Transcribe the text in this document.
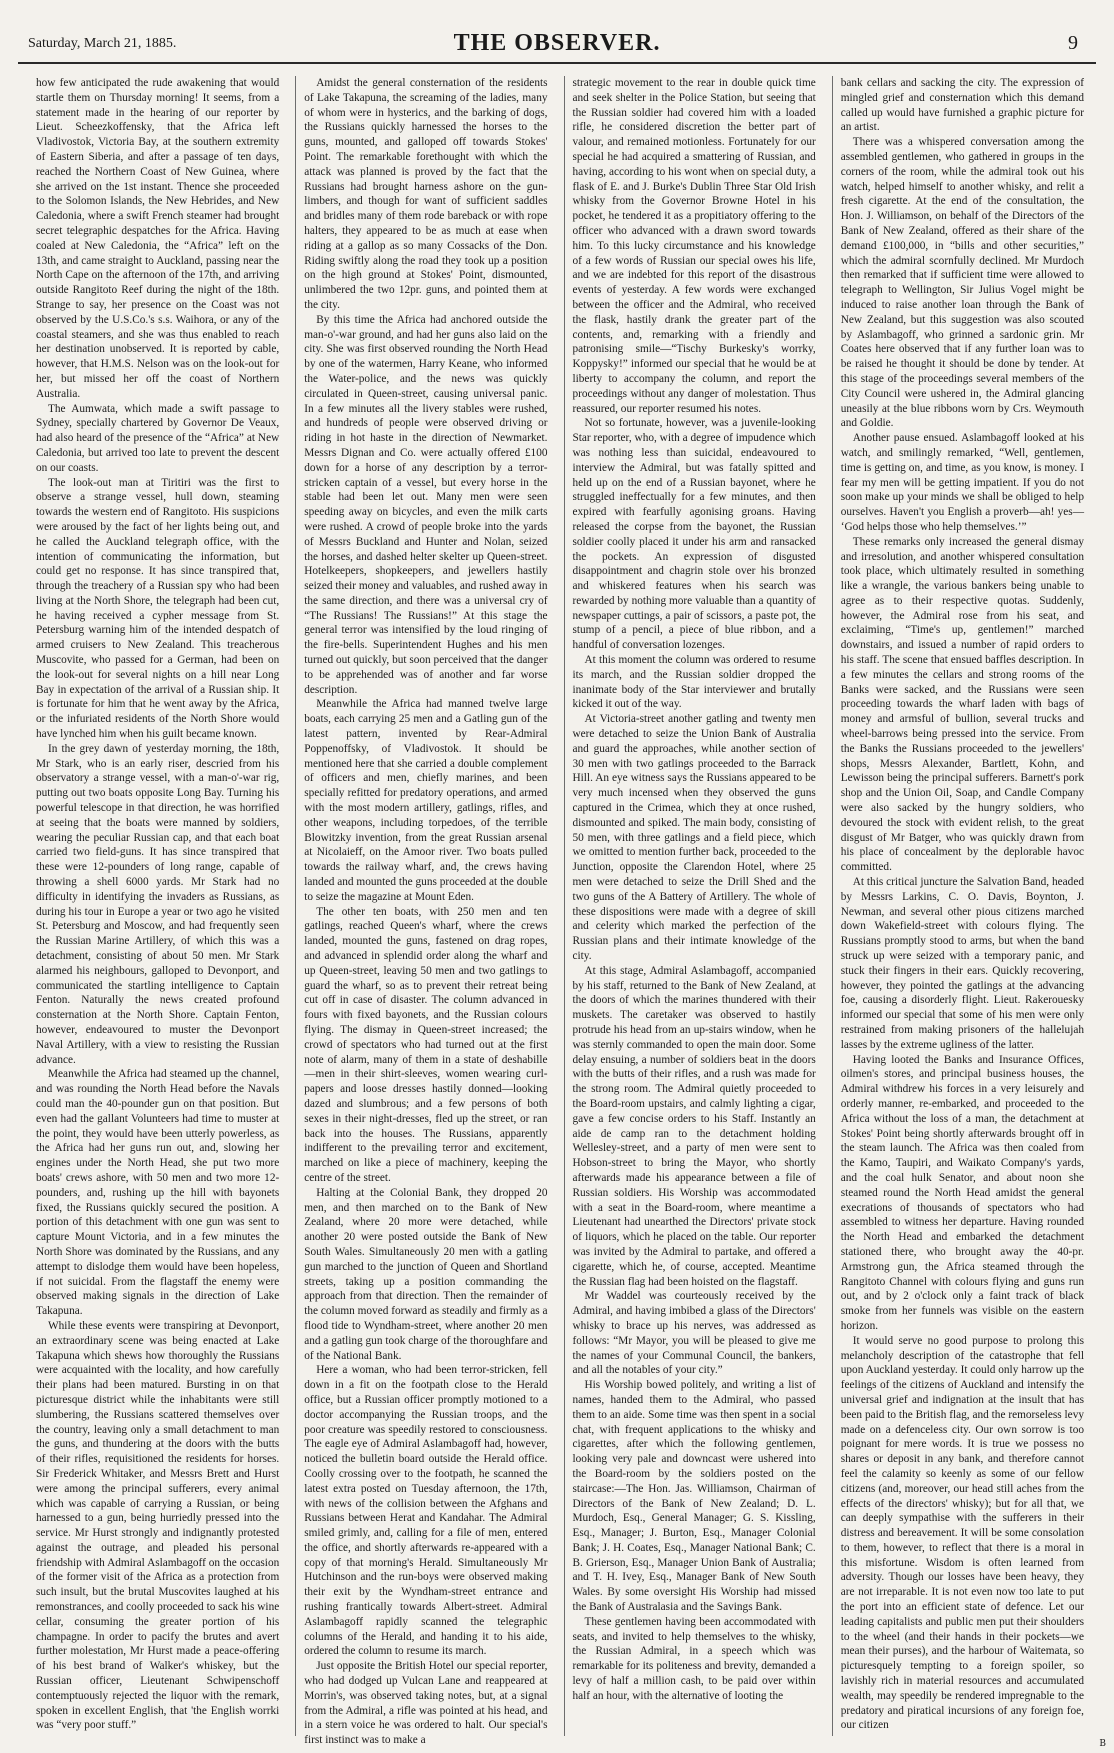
Saturday, March 21, 1885.	THE OBSERVER.	9

how few anticipated the rude awakening that would startle them on Thursday morning! It seems, from a statement made in the hearing of our reporter by Lieut. Scheezkoffensky, that the Africa left Vladivostok, Victoria Bay, at the southern extremity of Eastern Siberia, and after a passage of ten days, reached the Northern Coast of New Guinea, where she arrived on the 1st instant. Thence she proceeded to the Solomon Islands, the New Hebrides, and New Caledonia, where a swift French steamer had brought secret telegraphic despatches for the Africa. Having coaled at New Caledonia, the “Africa” left on the 13th, and came straight to Auckland, passing near the North Cape on the afternoon of the 17th, and arriving outside Rangitoto Reef during the night of the 18th. Strange to say, her presence on the Coast was not observed by the U.S.Co.'s s.s. Waihora, or any of the coastal steamers, and she was thus enabled to reach her destination unobserved. It is reported by cable, however, that H.M.S. Nelson was on the look-out for her, but missed her off the coast of Northern Australia.

The Aumwata, which made a swift passage to Sydney, specially chartered by Governor De Veaux, had also heard of the presence of the “Africa” at New Caledonia, but arrived too late to prevent the descent on our coasts.

The look-out man at Tiritiri was the first to observe a strange vessel, hull down, steaming towards the western end of Rangitoto. His suspicions were aroused by the fact of her lights being out, and he called the Auckland telegraph office, with the intention of communicating the information, but could get no response. It has since transpired that, through the treachery of a Russian spy who had been living at the North Shore, the telegraph had been cut, he having received a cypher message from St. Petersburg warning him of the intended despatch of armed cruisers to New Zealand. This treacherous Muscovite, who passed for a German, had been on the look-out for several nights on a hill near Long Bay in expectation of the arrival of a Russian ship. It is fortunate for him that he went away by the Africa, or the infuriated residents of the North Shore would have lynched him when his guilt became known.

In the grey dawn of yesterday morning, the 18th, Mr Stark, who is an early riser, descried from his observatory a strange vessel, with a man-o'-war rig, putting out two boats opposite Long Bay. Turning his powerful telescope in that direction, he was horrified at seeing that the boats were manned by soldiers, wearing the peculiar Russian cap, and that each boat carried two field-guns. It has since transpired that these were 12-pounders of long range, capable of throwing a shell 6000 yards. Mr Stark had no difficulty in identifying the invaders as Russians, as during his tour in Europe a year or two ago he visited St. Petersburg and Moscow, and had frequently seen the Russian Marine Artillery, of which this was a detachment, consisting of about 50 men. Mr Stark alarmed his neighbours, galloped to Devonport, and communicated the startling intelligence to Captain Fenton. Naturally the news created profound consternation at the North Shore. Captain Fenton, however, endeavoured to muster the Devonport Naval Artillery, with a view to resisting the Russian advance.

Meanwhile the Africa had steamed up the channel, and was rounding the North Head before the Navals could man the 40-pounder gun on that position. But even had the gallant Volunteers had time to muster at the point, they would have been utterly powerless, as the Africa had her guns run out, and, slowing her engines under the North Head, she put two more boats' crews ashore, with 50 men and two more 12-pounders, and, rushing up the hill with bayonets fixed, the Russians quickly secured the position. A portion of this detachment with one gun was sent to capture Mount Victoria, and in a few minutes the North Shore was dominated by the Russians, and any attempt to dislodge them would have been hopeless, if not suicidal. From the flagstaff the enemy were observed making signals in the direction of Lake Takapuna.

While these events were transpiring at Devonport, an extraordinary scene was being enacted at Lake Takapuna which shews how thoroughly the Russians were acquainted with the locality, and how carefully their plans had been matured. Bursting in on that picturesque district while the inhabitants were still slumbering, the Russians scattered themselves over the country, leaving only a small detachment to man the guns, and thundering at the doors with the butts of their rifles, requisitioned the residents for horses. Sir Frederick Whitaker, and Messrs Brett and Hurst were among the principal sufferers, every animal which was capable of carrying a Russian, or being harnessed to a gun, being hurriedly pressed into the service. Mr Hurst strongly and indignantly protested against the outrage, and pleaded his personal friendship with Admiral Aslambagoff on the occasion of the former visit of the Africa as a protection from such insult, but the brutal Muscovites laughed at his remonstrances, and coolly proceeded to sack his wine cellar, consuming the greater portion of his champagne. In order to pacify the brutes and avert further molestation, Mr Hurst made a peace-offering of his best brand of Walker's whiskey, but the Russian officer, Lieutenant Schwipenschoff contemptuously rejected the liquor with the remark, spoken in excellent English, that 'the English worrki was “very poor stuff.”

Amidst the general consternation of the residents of Lake Takapuna, the screaming of the ladies, many of whom were in hysterics, and the barking of dogs, the Russians quickly harnessed the horses to the guns, mounted, and galloped off towards Stokes' Point. The remarkable forethought with which the attack was planned is proved by the fact that the Russians had brought harness ashore on the gun-limbers, and though for want of sufficient saddles and bridles many of them rode bareback or with rope halters, they appeared to be as much at ease when riding at a gallop as so many Cossacks of the Don. Riding swiftly along the road they took up a position on the high ground at Stokes' Point, dismounted, unlimbered the two 12pr. guns, and pointed them at the city.

By this time the Africa had anchored outside the man-o'-war ground, and had her guns also laid on the city. She was first observed rounding the North Head by one of the watermen, Harry Keane, who informed the Water-police, and the news was quickly circulated in Queen-street, causing universal panic. In a few minutes all the livery stables were rushed, and hundreds of people were observed driving or riding in hot haste in the direction of Newmarket. Messrs Dignan and Co. were actually offered £100 down for a horse of any description by a terror-stricken captain of a vessel, but every horse in the stable had been let out. Many men were seen speeding away on bicycles, and even the milk carts were rushed. A crowd of people broke into the yards of Messrs Buckland and Hunter and Nolan, seized the horses, and dashed helter skelter up Queen-street. Hotelkeepers, shopkeepers, and jewellers hastily seized their money and valuables, and rushed away in the same direction, and there was a universal cry of “The Russians! The Russians!” At this stage the general terror was intensified by the loud ringing of the fire-bells. Superintendent Hughes and his men turned out quickly, but soon perceived that the danger to be apprehended was of another and far worse description.

Meanwhile the Africa had manned twelve large boats, each carrying 25 men and a Gatling gun of the latest pattern, invented by Rear-Admiral Poppenoffsky, of Vladivostok. It should be mentioned here that she carried a double complement of officers and men, chiefly marines, and been specially refitted for predatory operations, and armed with the most modern artillery, gatlings, rifles, and other weapons, including torpedoes, of the terrible Blowitzky invention, from the great Russian arsenal at Nicolaieff, on the Amoor river. Two boats pulled towards the railway wharf, and, the crews having landed and mounted the guns proceeded at the double to seize the magazine at Mount Eden.

The other ten boats, with 250 men and ten gatlings, reached Queen's wharf, where the crews landed, mounted the guns, fastened on drag ropes, and advanced in splendid order along the wharf and up Queen-street, leaving 50 men and two gatlings to guard the wharf, so as to prevent their retreat being cut off in case of disaster. The column advanced in fours with fixed bayonets, and the Russian colours flying. The dismay in Queen-street increased; the crowd of spectators who had turned out at the first note of alarm, many of them in a state of deshabille—men in their shirt-sleeves, women wearing curl-papers and loose dresses hastily donned—looking dazed and slumbrous; and a few persons of both sexes in their night-dresses, fled up the street, or ran back into the houses. The Russians, apparently indifferent to the prevailing terror and excitement, marched on like a piece of machinery, keeping the centre of the street.

Halting at the Colonial Bank, they dropped 20 men, and then marched on to the Bank of New Zealand, where 20 more were detached, while another 20 were posted outside the Bank of New South Wales. Simultaneously 20 men with a gatling gun marched to the junction of Queen and Shortland streets, taking up a position commanding the approach from that direction. Then the remainder of the column moved forward as steadily and firmly as a flood tide to Wyndham-street, where another 20 men and a gatling gun took charge of the thoroughfare and of the National Bank.

Here a woman, who had been terror-stricken, fell down in a fit on the footpath close to the Herald office, but a Russian officer promptly motioned to a doctor accompanying the Russian troops, and the poor creature was speedily restored to consciousness. The eagle eye of Admiral Aslambagoff had, however, noticed the bulletin board outside the Herald office. Coolly crossing over to the footpath, he scanned the latest extra posted on Tuesday afternoon, the 17th, with news of the collision between the Afghans and Russians between Herat and Kandahar. The Admiral smiled grimly, and, calling for a file of men, entered the office, and shortly afterwards re-appeared with a copy of that morning's Herald. Simultaneously Mr Hutchinson and the run-boys were observed making their exit by the Wyndham-street entrance and rushing frantically towards Albert-street. Admiral Aslambagoff rapidly scanned the telegraphic columns of the Herald, and handing it to his aide, ordered the column to resume its march.

Just opposite the British Hotel our special reporter, who had dodged up Vulcan Lane and reappeared at Morrin's, was observed taking notes, but, at a signal from the Admiral, a rifle was pointed at his head, and in a stern voice he was ordered to halt. Our special's first instinct was to make a

strategic movement to the rear in double quick time and seek shelter in the Police Station, but seeing that the Russian soldier had covered him with a loaded rifle, he considered discretion the better part of valour, and remained motionless. Fortunately for our special he had acquired a smattering of Russian, and having, according to his wont when on special duty, a flask of E. and J. Burke's Dublin Three Star Old Irish whisky from the Governor Browne Hotel in his pocket, he tendered it as a propitiatory offering to the officer who advanced with a drawn sword towards him. To this lucky circumstance and his knowledge of a few words of Russian our special owes his life, and we are indebted for this report of the disastrous events of yesterday. A few words were exchanged between the officer and the Admiral, who received the flask, hastily drank the greater part of the contents, and, remarking with a friendly and patronising smile—“Tischy Burkesky's worrky, Koppysky!” informed our special that he would be at liberty to accompany the column, and report the proceedings without any danger of molestation. Thus reassured, our reporter resumed his notes.

Not so fortunate, however, was a juvenile-looking Star reporter, who, with a degree of impudence which was nothing less than suicidal, endeavoured to interview the Admiral, but was fatally spitted and held up on the end of a Russian bayonet, where he struggled ineffectually for a few minutes, and then expired with fearfully agonising groans. Having released the corpse from the bayonet, the Russian soldier coolly placed it under his arm and ransacked the pockets. An expression of disgusted disappointment and chagrin stole over his bronzed and whiskered features when his search was rewarded by nothing more valuable than a quantity of newspaper cuttings, a pair of scissors, a paste pot, the stump of a pencil, a piece of blue ribbon, and a handful of conversation lozenges.

At this moment the column was ordered to resume its march, and the Russian soldier dropped the inanimate body of the Star interviewer and brutally kicked it out of the way.

At Victoria-street another gatling and twenty men were detached to seize the Union Bank of Australia and guard the approaches, while another section of 30 men with two gatlings proceeded to the Barrack Hill. An eye witness says the Russians appeared to be very much incensed when they observed the guns captured in the Crimea, which they at once rushed, dismounted and spiked. The main body, consisting of 50 men, with three gatlings and a field piece, which we omitted to mention further back, proceeded to the Junction, opposite the Clarendon Hotel, where 25 men were detached to seize the Drill Shed and the two guns of the A Battery of Artillery. The whole of these dispositions were made with a degree of skill and celerity which marked the perfection of the Russian plans and their intimate knowledge of the city.

At this stage, Admiral Aslambagoff, accompanied by his staff, returned to the Bank of New Zealand, at the doors of which the marines thundered with their muskets. The caretaker was observed to hastily protrude his head from an up-stairs window, when he was sternly commanded to open the main door. Some delay ensuing, a number of soldiers beat in the doors with the butts of their rifles, and a rush was made for the strong room. The Admiral quietly proceeded to the Board-room upstairs, and calmly lighting a cigar, gave a few concise orders to his Staff. Instantly an aide de camp ran to the detachment holding Wellesley-street, and a party of men were sent to Hobson-street to bring the Mayor, who shortly afterwards made his appearance between a file of Russian soldiers. His Worship was accommodated with a seat in the Board-room, where meantime a Lieutenant had unearthed the Directors' private stock of liquors, which he placed on the table. Our reporter was invited by the Admiral to partake, and offered a cigarette, which he, of course, accepted. Meantime the Russian flag had been hoisted on the flagstaff.

Mr Waddel was courteously received by the Admiral, and having imbibed a glass of the Directors' whisky to brace up his nerves, was addressed as follows: “Mr Mayor, you will be pleased to give me the names of your Communal Council, the bankers, and all the notables of your city.”

His Worship bowed politely, and writing a list of names, handed them to the Admiral, who passed them to an aide. Some time was then spent in a social chat, with frequent applications to the whisky and cigarettes, after which the following gentlemen, looking very pale and downcast were ushered into the Board-room by the soldiers posted on the staircase:—The Hon. Jas. Williamson, Chairman of Directors of the Bank of New Zealand; D. L. Murdoch, Esq., General Manager; G. S. Kissling, Esq., Manager; J. Burton, Esq., Manager Colonial Bank; J. H. Coates, Esq., Manager National Bank; C. B. Grierson, Esq., Manager Union Bank of Australia; and T. H. Ivey, Esq., Manager Bank of New South Wales. By some oversight His Worship had missed the Bank of Australasia and the Savings Bank.

These gentlemen having been accommodated with seats, and invited to help themselves to the whisky, the Russian Admiral, in a speech which was remarkable for its politeness and brevity, demanded a levy of half a million cash, to be paid over within half an hour, with the alternative of looting the

bank cellars and sacking the city. The expression of mingled grief and consternation which this demand called up would have furnished a graphic picture for an artist.

There was a whispered conversation among the assembled gentlemen, who gathered in groups in the corners of the room, while the admiral took out his watch, helped himself to another whisky, and relit a fresh cigarette. At the end of the consultation, the Hon. J. Williamson, on behalf of the Directors of the Bank of New Zealand, offered as their share of the demand £100,000, in “bills and other securities,” which the admiral scornfully declined. Mr Murdoch then remarked that if sufficient time were allowed to telegraph to Wellington, Sir Julius Vogel might be induced to raise another loan through the Bank of New Zealand, but this suggestion was also scouted by Aslambagoff, who grinned a sardonic grin. Mr Coates here observed that if any further loan was to be raised he thought it should be done by tender. At this stage of the proceedings several members of the City Council were ushered in, the Admiral glancing uneasily at the blue ribbons worn by Crs. Weymouth and Goldie.

Another pause ensued. Aslambagoff looked at his watch, and smilingly remarked, “Well, gentlemen, time is getting on, and time, as you know, is money. I fear my men will be getting impatient. If you do not soon make up your minds we shall be obliged to help ourselves. Haven't you English a proverb—ah! yes— ‘God helps those who help themselves.’”

These remarks only increased the general dismay and irresolution, and another whispered consultation took place, which ultimately resulted in something like a wrangle, the various bankers being unable to agree as to their respective quotas. Suddenly, however, the Admiral rose from his seat, and exclaiming, “Time's up, gentlemen!” marched downstairs, and issued a number of rapid orders to his staff. The scene that ensued baffles description. In a few minutes the cellars and strong rooms of the Banks were sacked, and the Russians were seen proceeding towards the wharf laden with bags of money and armsful of bullion, several trucks and wheel-barrows being pressed into the service. From the Banks the Russians proceeded to the jewellers' shops, Messrs Alexander, Bartlett, Kohn, and Lewisson being the principal sufferers. Barnett's pork shop and the Union Oil, Soap, and Candle Company were also sacked by the hungry soldiers, who devoured the stock with evident relish, to the great disgust of Mr Batger, who was quickly drawn from his place of concealment by the deplorable havoc committed.

At this critical juncture the Salvation Band, headed by Messrs Larkins, C. O. Davis, Boynton, J. Newman, and several other pious citizens marched down Wakefield-street with colours flying. The Russians promptly stood to arms, but when the band struck up were seized with a temporary panic, and stuck their fingers in their ears. Quickly recovering, however, they pointed the gatlings at the advancing foe, causing a disorderly flight. Lieut. Rakerouesky informed our special that some of his men were only restrained from making prisoners of the hallelujah lasses by the extreme ugliness of the latter.

Having looted the Banks and Insurance Offices, oilmen's stores, and principal business houses, the Admiral withdrew his forces in a very leisurely and orderly manner, re-embarked, and proceeded to the Africa without the loss of a man, the detachment at Stokes' Point being shortly afterwards brought off in the steam launch. The Africa was then coaled from the Kamo, Taupiri, and Waikato Company's yards, and the coal hulk Senator, and about noon she steamed round the North Head amidst the general execrations of thousands of spectators who had assembled to witness her departure. Having rounded the North Head and embarked the detachment stationed there, who brought away the 40-pr. Armstrong gun, the Africa steamed through the Rangitoto Channel with colours flying and guns run out, and by 2 o'clock only a faint track of black smoke from her funnels was visible on the eastern horizon.

It would serve no good purpose to prolong this melancholy description of the catastrophe that fell upon Auckland yesterday. It could only harrow up the feelings of the citizens of Auckland and intensify the universal grief and indignation at the insult that has been paid to the British flag, and the remorseless levy made on a defenceless city. Our own sorrow is too poignant for mere words. It is true we possess no shares or deposit in any bank, and therefore cannot feel the calamity so keenly as some of our fellow citizens (and, moreover, our head still aches from the effects of the directors' whisky); but for all that, we can deeply sympathise with the sufferers in their distress and bereavement. It will be some consolation to them, however, to reflect that there is a moral in this misfortune. Wisdom is often learned from adversity. Though our losses have been heavy, they are not irreparable. It is not even now too late to put the port into an efficient state of defence. Let our leading capitalists and public men put their shoulders to the wheel (and their hands in their pockets—we mean their purses), and the harbour of Waitemata, so picturesquely tempting to a foreign spoiler, so lavishly rich in material resources and accumulated wealth, may speedily be rendered impregnable to the predatory and piratical incursions of any foreign foe, our citizen

B
